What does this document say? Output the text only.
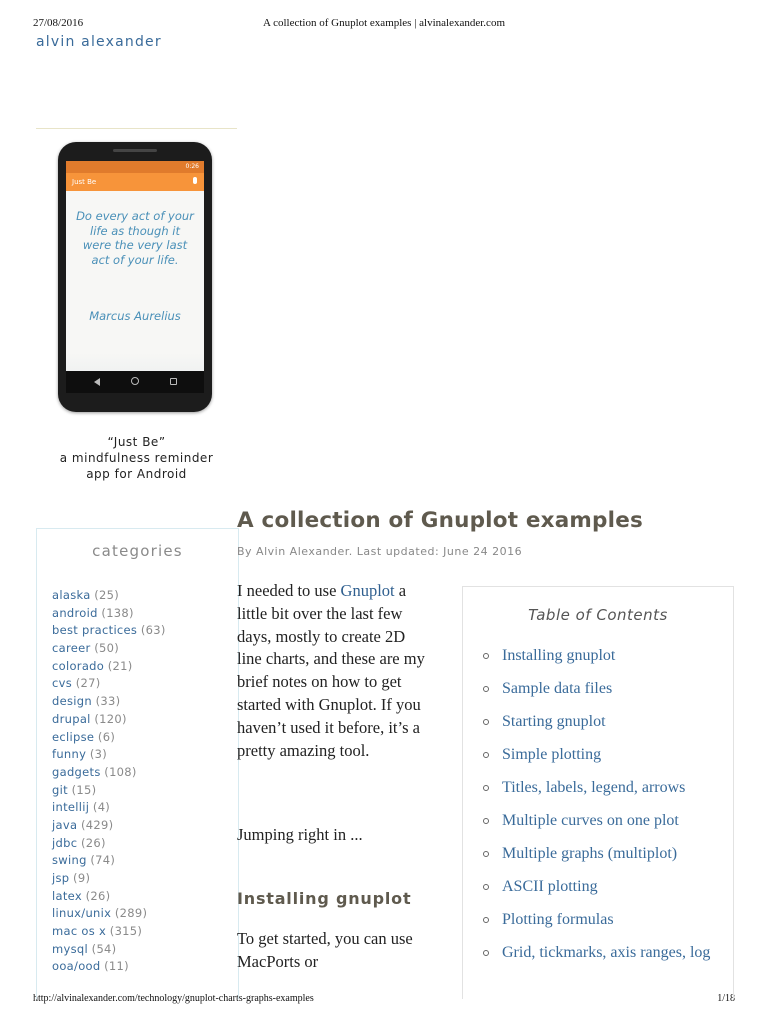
27/08/2016	A collection of Gnuplot examples | alvinalexander.com
http://alvinalexander.com/technology/gnuplot-charts-graphs-examples	1/18
alvin alexander
0:26
Just Be
Do every act of your life as though it were the very last act of your life.
Marcus Aurelius
“Just Be”
a mindfulness reminder
app for Android
categories
alaska (25)
android (138)
best practices (63)
career (50)
colorado (21)
cvs (27)
design (33)
drupal (120)
eclipse (6)
funny (3)
gadgets (108)
git (15)
intellij (4)
java (429)
jdbc (26)
swing (74)
jsp (9)
latex (26)
linux/unix (289)
mac os x (315)
mysql (54)
ooa/ood (11)
A collection of Gnuplot examples
By Alvin Alexander. Last updated: June 24 2016

I needed to use Gnuplot a little bit over the last few days, mostly to create 2D line charts, and these are my brief notes on how to get started with Gnuplot. If you haven’t used it before, it’s a pretty amazing tool.

Jumping right in ...

Installing gnuplot

To get started, you can use MacPorts or

Table of Contents
Installing gnuplot
Sample data files
Starting gnuplot
Simple plotting
Titles, labels, legend, arrows
Multiple curves on one plot
Multiple graphs (multiplot)
ASCII plotting
Plotting formulas
Grid, tickmarks, axis ranges, log
